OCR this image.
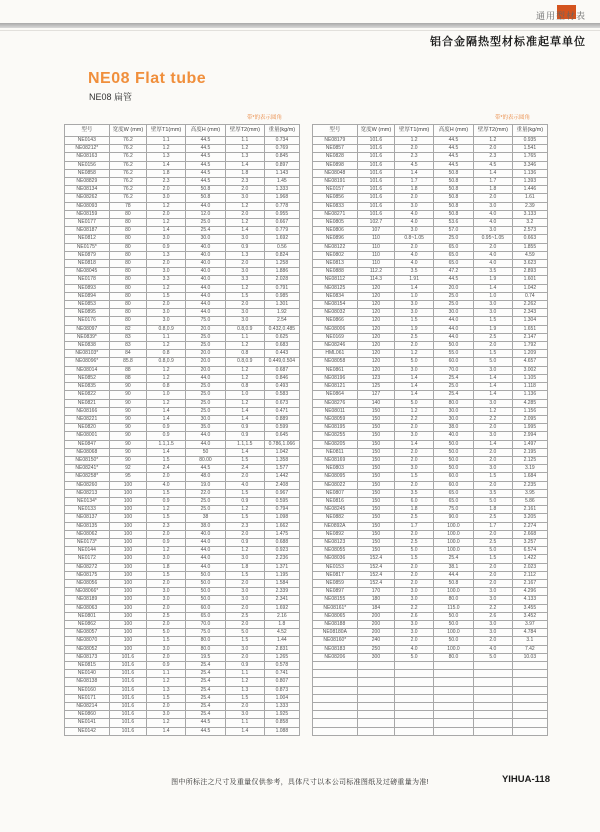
通用型材表
铝合金隔热型材标准起草单位
NE08 Flat tube
NE08 扁管
带*的表示圆角
型号	宽度W (mm)	壁厚T1(mm)	高度H (mm)	壁厚T2(mm)	重量(kg/m)
NE0143	76.2	1.1	44.5	1.1	0.734
NE08212*	76.2	1.2	44.5	1.2	0.769
NE08163	76.2	1.3	44.5	1.3	0.845
NE0156	76.2	1.4	44.5	1.4	0.897
NE0858	76.2	1.8	44.5	1.8	1.143
NE08829	76.2	2.3	44.5	2.3	1.45
NE08134	76.2	2.0	50.8	2.0	1.333
NE08262	76.2	3.0	50.8	3.0	1.968
NE08093	78	1.2	44.0	1.2	0.778
NE08159	80	2.0	12.0	2.0	0.955
NE0177	80	1.2	25.0	1.2	0.667
NE08187	80	1.4	25.4	1.4	0.779
NE0812	80	3.0	30.0	3.0	1.692
NE0175*	80	0.9	40.0	0.9	0.56
NE0879	80	1.3	40.0	1.3	0.824
NE0818	80	2.0	40.0	2.0	1.258
NE08045	80	3.0	40.0	3.0	1.886
NE0178	80	3.3	40.0	3.3	2.028
NE0893	80	1.2	44.0	1.2	0.791
NE0894	80	1.5	44.0	1.5	0.985
NE0853	80	2.0	44.0	2.0	1.301
NE0895	80	3.0	44.0	3.0	1.92
NE0176	80	3.0	75.0	3.0	2.54
NE08097	82	0.8,0.9	20.0	0.8,0.9	0.432,0.485
NE0839*	83	1.1	25.0	1.1	0.625
NE0838	83	1.2	25.0	1.2	0.683
NE08103*	84	0.8	20.0	0.8	0.443
NE08096*	85.8	0.8,0.9	20.0	0.8,0.9	0.449,0.504
NE08014	88	1.2	20.0	1.2	0.687
NE0852	88	1.2	44.0	1.2	0.846
NE0835	90	0.8	25.0	0.8	0.493
NE0822	90	1.0	25.0	1.0	0.583
NE0821	90	1.2	25.0	1.2	0.673
NE08166	90	1.4	25.0	1.4	0.471
NE08221	90	1.4	30.0	1.4	0.889
NE0820	90	0.9	35.0	0.9	0.599
NE08001	90	0.9	44.0	0.9	0.645
NE0847	90	1.1,1.5	44.0	1.1,1.5	0.786,1.066
NE08068	90	1.4	50	1.4	1.042
NE08150*	90	1.5	80.00	1.5	1.358
NE08241*	92	2.4	44.5	2.4	1.577
NE08258*	95	2.0	48.0	2.0	1.442
NE08260	100	4.0	19.0	4.0	2.408
NE08213	100	1.5	22.0	1.5	0.967
NE0134*	100	0.9	25.0	0.9	0.595
NE0133	100	1.2	25.0	1.2	0.794
NE08137	100	1.5	38	1.5	1.098
NE08135	100	2.3	38.0	2.3	1.662
NE08062	100	2.0	40.0	2.0	1.475
NE0173*	100	0.9	44.0	0.9	0.688
NE0144	100	1.2	44.0	1.2	0.923
NE0172	100	3.0	44.0	3.0	2.236
NE08272	100	1.8	44.0	1.8	1.371
NE08175	100	1.5	50.0	1.5	1.195
NE08056	100	2.0	50.0	2.0	1.584
NE08066*	100	3.0	50.0	3.0	2.339
NE08189	100	3.0	50.0	3.0	2.341
NE08063	100	2.0	60.0	2.0	1.692
NE0801	100	2.5	65.0	2.5	2.16
NE0862	100	2.0	70.0	2.0	1.8
NE08057	100	5.0	75.0	5.0	4.52
NE08070	100	1.5	80.0	1.5	1.44
NE08052	100	3.0	80.0	3.0	2.831
NE08173	101.6	2.0	19.5	2.0	1.265
NE0815	101.6	0.9	25.4	0.9	0.578
NE0140	101.6	1.1	25.4	1.1	0.741
NE08138	101.6	1.2	25.4	1.2	0.807
NE0160	101.6	1.3	25.4	1.3	0.873
NE0171	101.6	1.5	25.4	1.5	1.004
NE08214	101.6	2.0	25.4	2.0	1.333
NE0860	101.6	3.0	25.4	3.0	1.925
NE0141	101.6	1.2	44.5	1.1	0.858
NE0142	101.6	1.4	44.5	1.4	1.088
带*的表示圆角
型号	宽度W (mm)	壁厚T1(mm)	高度H (mm)	壁厚T2(mm)	重量(kg/m)
NE08179	101.6	1.2	44.5	1.2	0.935
NE0857	101.6	2.0	44.5	2.0	1.541
NE0828	101.6	2.3	44.5	2.3	1.765
NE0898	101.6	4.5	44.5	4.5	3.346
NE08048	101.6	1.4	50.8	1.4	1.136
NE08191	101.6	1.7	50.8	1.7	1.393
NE0157	101.6	1.8	50.8	1.8	1.446
NE0856	101.6	2.0	50.8	2.0	1.61
NE0833	101.6	3.0	50.8	3.0	2.39
NE08271	101.6	4.0	50.8	4.0	3.133
NE0805	102.7	4.0	53.6	4.0	3.2
NE0806	107	3.0	57.0	3.0	2.573
NE0896	110	0.8~1.05	25.0	0.95~1.05	0.663
NE08122	110	2.0	65.0	2.0	1.855
NE0802	110	4.0	65.0	4.0	4.59
NE0813	110	4.0	65.0	4.0	3.623
NE0888	112.2	3.5	47.2	3.5	2.893
NE08112	114.3	1.91	44.5	1.9	1.601
NE08125	120	1.4	20.0	1.4	1.042
NE0834	120	1.0	25.0	1.0	0.74
NE08154	120	3.0	25.0	3.0	2.262
NE08032	120	3.0	30.0	3.0	2.343
NE0866	120	1.5	44.0	1.5	1.304
NE08006	120	1.9	44.0	1.9	1.651
NE0169	120	2.5	44.0	2.5	2.147
NE08246	120	2.0	50.0	2.0	1.792
HML061	120	1.2	55.0	1.5	1.209
NE08058	120	5.0	60.0	5.0	4.657
NE0861	120	3.0	70.0	3.0	3.002
NE08196	123	1.4	25.4	1.4	1.105
NE08121	125	1.4	25.0	1.4	1.118
NE0864	127	1.4	25.4	1.4	1.136
NE08276	140	5.0	80.0	3.0	4.285
NE08011	150	1.2	30.0	1.2	1.156
NE08059	150	2.2	30.0	2.2	2.095
NE08195	150	2.0	38.0	2.0	1.995
NE08255	150	3.0	40.0	3.0	2.994
NE08205	150	1.4	50.0	1.4	1.497
NE0811	150	2.0	50.0	2.0	2.195
NE08169	150	2.0	50.0	2.0	2.125
NE0803	150	3.0	50.0	3.0	3.19
NE08095	150	1.5	60.0	1.5	1.684
NE08022	150	2.0	60.0	2.0	2.235
NE0807	150	3.5	65.0	3.5	3.95
NE0816	150	6.0	65.0	5.0	5.86
NE08245	150	1.8	75.0	1.8	2.161
NE0882	150	2.5	90.0	2.5	3.205
NE0892A	150	1.7	100.0	1.7	2.274
NE0892	150	2.0	100.0	2.0	2.668
NE08123	150	2.5	100.0	2.5	3.257
NE08055	150	5.0	100.0	5.0	6.574
NE08036	152.4	1.5	25.4	1.5	1.422
NE0153	152.4	2.0	38.1	2.0	2.023
NE0817	152.4	2.0	44.4	2.0	2.112
NE0859	152.4	2.0	50.8	2.0	2.167
NE0897	170	3.0	100.0	3.0	4.296
NE08155	180	3.0	80.0	3.0	4.133
NE08161*	184	2.2	115.0	2.2	3.455
NE08065	200	2.6	50.0	2.6	3.452
NE08188	200	3.0	50.0	3.0	3.97
NE08180A	200	3.0	100.0	3.0	4.784
NE08160*	240	2.0	50.0	2.0	3.1
NE08183	250	4.0	100.0	4.0	7.42
NE08206	300	5.0	80.0	5.0	10.03

图中所标注之尺寸及重量仅供参考，具体尺寸以本公司标准图纸及过磅重量为准!	YIHUA-118
